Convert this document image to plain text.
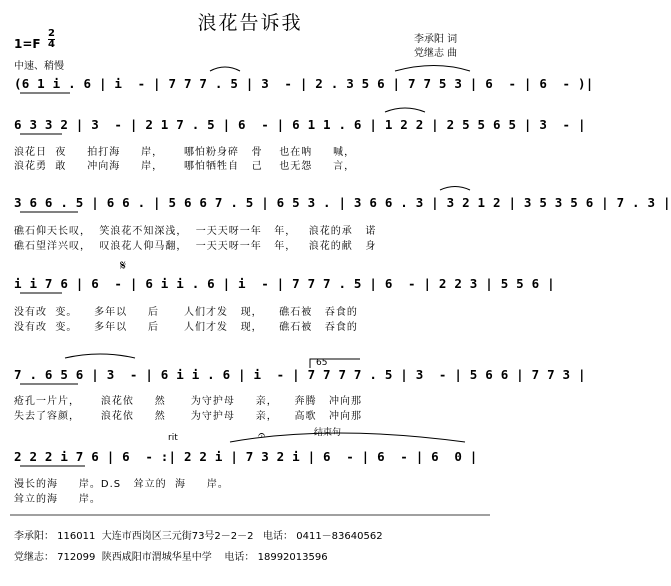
浪花告诉我
李承阳 词
党继志 曲
1=F
2
4
中速、稍慢
(6 1 i . 6 | i  - | 7 7 7 . 5 | 3  - | 2 . 3 5 6 | 7 7 5 3 | 6  - | 6  - )|
6 3 3 2 | 3  - | 2 1 7 . 5 | 6  - | 6 1 1 . 6 | 1 2 2 | 2 5 5 6 5 | 3  - |
浪花日  夜     拍打海     岸，     哪怕粉身碎   骨    也在呐     喊，
浪花勇  敢     冲向海     岸，     哪怕牺牲自   己    也无怨     言，
3 6 6 . 5 | 6 6 . | 5 6 6 7 . 5 | 6 5 3 . | 3 6 6 . 3 | 3 2 1 2 | 3 5 3 5 6 | 7 . 3 |
礁石仰天长叹，  笑浪花不知深浅，  一天天呀一年   年，   浪花的承   诺
礁石望洋兴叹，  叹浪花人仰马翻，  一天天呀一年   年，   浪花的献   身
𝄋
i i 7 6 | 6  - | 6 i i . 6 | i  - | 7 7 7 . 5 | 6  - | 2 2 3 | 5 5 6 |
没有改  变。    多年以     后      人们才发   现，    礁石被   吞食的
没有改  变。    多年以     后      人们才发   现，    礁石被   吞食的
65
7 . 6 5 6 | 3  - | 6 i i . 6 | i  - | 7 7 7 7 . 5 | 3  - | 5 6 6 | 7 7 3 |
疮孔一片片，     浪花依     然      为守护母     亲，    奔腾   冲向那
失去了容颜，     浪花依     然      为守护母     亲，    高歌   冲向那
rit	𝄐	结束句
2 2 2 i 7 6 | 6  - :| 2 2 i | 7 3 2 i | 6  - | 6  - | 6  0 |
漫长的海     岸。D.S   耸立的  海     岸。
耸立的海     岸。
李承阳： 116011  大连市西岗区三元街73号2－2－2   电话： 0411－83640562
党继志： 712099  陕西咸阳市渭城华星中学    电话： 18992013596
